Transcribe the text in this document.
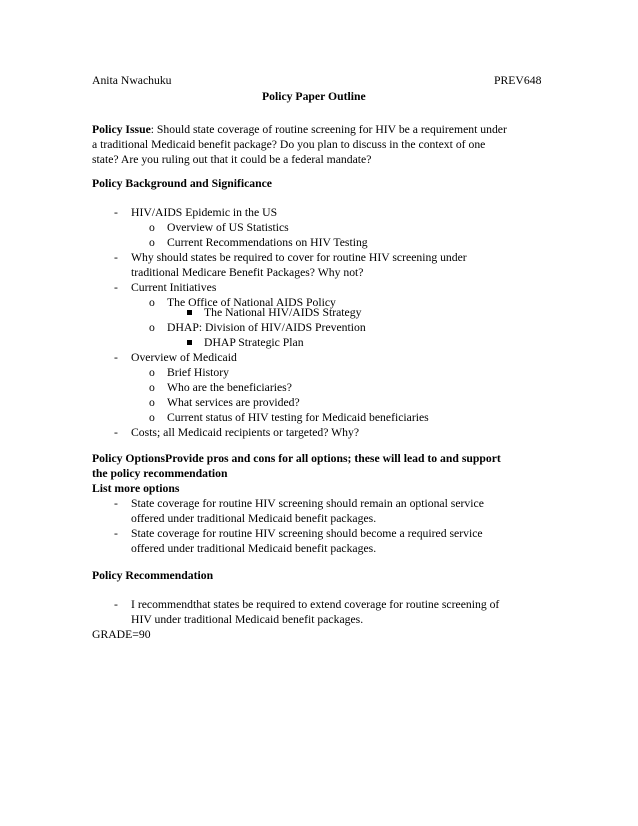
Anita Nwachuku	PREV648
Policy Paper Outline
Policy Issue: Should state coverage of routine screening for HIV be a requirement under
a traditional Medicaid benefit package? Do you plan to discuss in the context of one
state? Are you ruling out that it could be a federal mandate?
Policy Background and Significance
- HIV/AIDS Epidemic in the US
o Overview of US Statistics
o Current Recommendations on HIV Testing
- Why should states be required to cover for routine HIV screening under
traditional Medicare Benefit Packages? Why not?
- Current Initiatives
o The Office of National AIDS Policy
The National HIV/AIDS Strategy
o DHAP: Division of HIV/AIDS Prevention
DHAP Strategic Plan
- Overview of Medicaid
o Brief History
o Who are the beneficiaries?
o What services are provided?
o Current status of HIV testing for Medicaid beneficiaries
- Costs; all Medicaid recipients or targeted? Why?
Policy OptionsProvide pros and cons for all options; these will lead to and support
the policy recommendation
List more options
- State coverage for routine HIV screening should remain an optional service
offered under traditional Medicaid benefit packages.
- State coverage for routine HIV screening should become a required service
offered under traditional Medicaid benefit packages.
Policy Recommendation
- I recommendthat states be required to extend coverage for routine screening of
HIV under traditional Medicaid benefit packages.
GRADE=90
